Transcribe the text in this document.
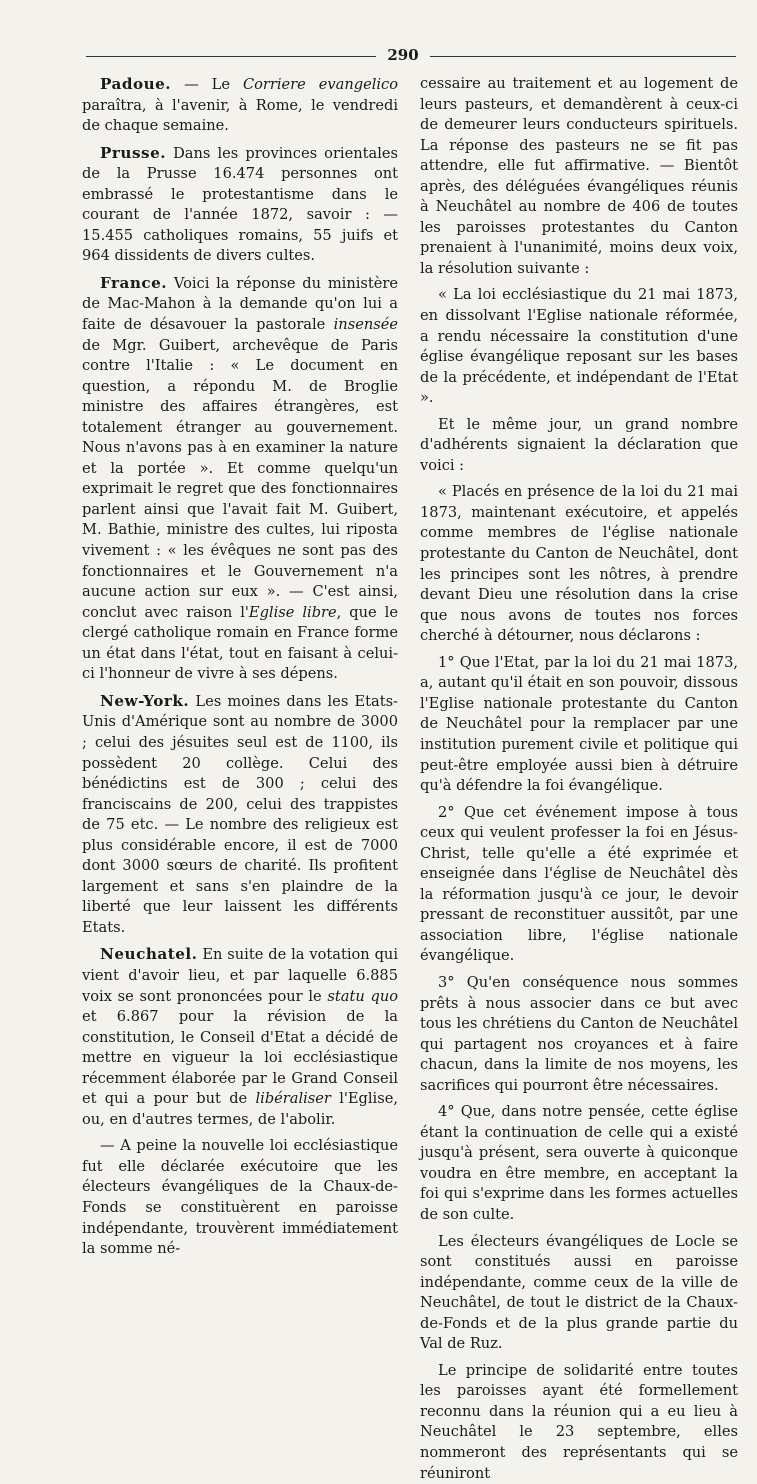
290

Padoue. — Le Corriere evangelico paraîtra, à l'avenir, à Rome, le vendredi de chaque semaine.

Prusse. Dans les provinces orientales de la Prusse 16.474 personnes ont embrassé le protestantisme dans le courant de l'année 1872, savoir : — 15.455 catholiques romains, 55 juifs et 964 dissidents de divers cultes.

France. Voici la réponse du ministère de Mac-Mahon à la demande qu'on lui a faite de désavouer la pastorale insensée de Mgr. Guibert, archevêque de Paris contre l'Italie : « Le document en question, a répondu M. de Broglie ministre des affaires étrangères, est totalement étranger au gouvernement. Nous n'avons pas à en examiner la nature et la portée ». Et comme quelqu'un exprimait le regret que des fonctionnaires parlent ainsi que l'avait fait M. Guibert, M. Bathie, ministre des cultes, lui riposta vivement : « les évêques ne sont pas des fonctionnaires et le Gouvernement n'a aucune action sur eux ». — C'est ainsi, conclut avec raison l'Eglise libre, que le clergé catholique romain en France forme un état dans l'état, tout en faisant à celui-ci l'honneur de vivre à ses dépens.

New-York. Les moines dans les Etats-Unis d'Amérique sont au nombre de 3000 ; celui des jésuites seul est de 1100, ils possèdent 20 collège. Celui des bénédictins est de 300 ; celui des franciscains de 200, celui des trappistes de 75 etc. — Le nombre des religieux est plus considérable encore, il est de 7000 dont 3000 sœurs de charité. Ils profitent largement et sans s'en plaindre de la liberté que leur laissent les différents Etats.

Neuchatel. En suite de la votation qui vient d'avoir lieu, et par laquelle 6.885 voix se sont prononcées pour le statu quo et 6.867 pour la révision de la constitution, le Conseil d'Etat a décidé de mettre en vigueur la loi ecclésiastique récemment élaborée par le Grand Conseil et qui a pour but de libéraliser l'Eglise, ou, en d'autres termes, de l'abolir.

— A peine la nouvelle loi ecclésiastique fut elle déclarée exécutoire que les électeurs évangéliques de la Chaux-de-Fonds se constituèrent en paroisse indépendante, trouvèrent immédiatement la somme né-

cessaire au traitement et au logement de leurs pasteurs, et demandèrent à ceux-ci de demeurer leurs conducteurs spirituels. La réponse des pasteurs ne se fit pas attendre, elle fut affirmative. — Bientôt après, des déléguées évangéliques réunis à Neuchâtel au nombre de 406 de toutes les paroisses protestantes du Canton prenaient à l'unanimité, moins deux voix, la résolution suivante :

« La loi ecclésiastique du 21 mai 1873, en dissolvant l'Eglise nationale réformée, a rendu nécessaire la constitution d'une église évangélique reposant sur les bases de la précédente, et indépendant de l'Etat ».

Et le même jour, un grand nombre d'adhérents signaient la déclaration que voici :

« Placés en présence de la loi du 21 mai 1873, maintenant exécutoire, et appelés comme membres de l'église nationale protestante du Canton de Neuchâtel, dont les principes sont les nôtres, à prendre devant Dieu une résolution dans la crise que nous avons de toutes nos forces cherché à détourner, nous déclarons :

1° Que l'Etat, par la loi du 21 mai 1873, a, autant qu'il était en son pouvoir, dissous l'Eglise nationale protestante du Canton de Neuchâtel pour la remplacer par une institution purement civile et politique qui peut-être employée aussi bien à détruire qu'à défendre la foi évangélique.

2° Que cet événement impose à tous ceux qui veulent professer la foi en Jésus-Christ, telle qu'elle a été exprimée et enseignée dans l'église de Neuchâtel dès la réformation jusqu'à ce jour, le devoir pressant de reconstituer aussitôt, par une association libre, l'église nationale évangélique.

3° Qu'en conséquence nous sommes prêts à nous associer dans ce but avec tous les chrétiens du Canton de Neuchâtel qui partagent nos croyances et à faire chacun, dans la limite de nos moyens, les sacrifices qui pourront être nécessaires.

4° Que, dans notre pensée, cette église étant la continuation de celle qui a existé jusqu'à présent, sera ouverte à quiconque voudra en être membre, en acceptant la foi qui s'exprime dans les formes actuelles de son culte.

Les électeurs évangéliques de Locle se sont constitués aussi en paroisse indépendante, comme ceux de la ville de Neuchâtel, de tout le district de la Chaux-de-Fonds et de la plus grande partie du Val de Ruz.

Le principe de solidarité entre toutes les paroisses ayant été formellement reconnu dans la réunion qui a eu lieu à Neuchâtel le 23 septembre, elles nommeront des représentants qui se réuniront
